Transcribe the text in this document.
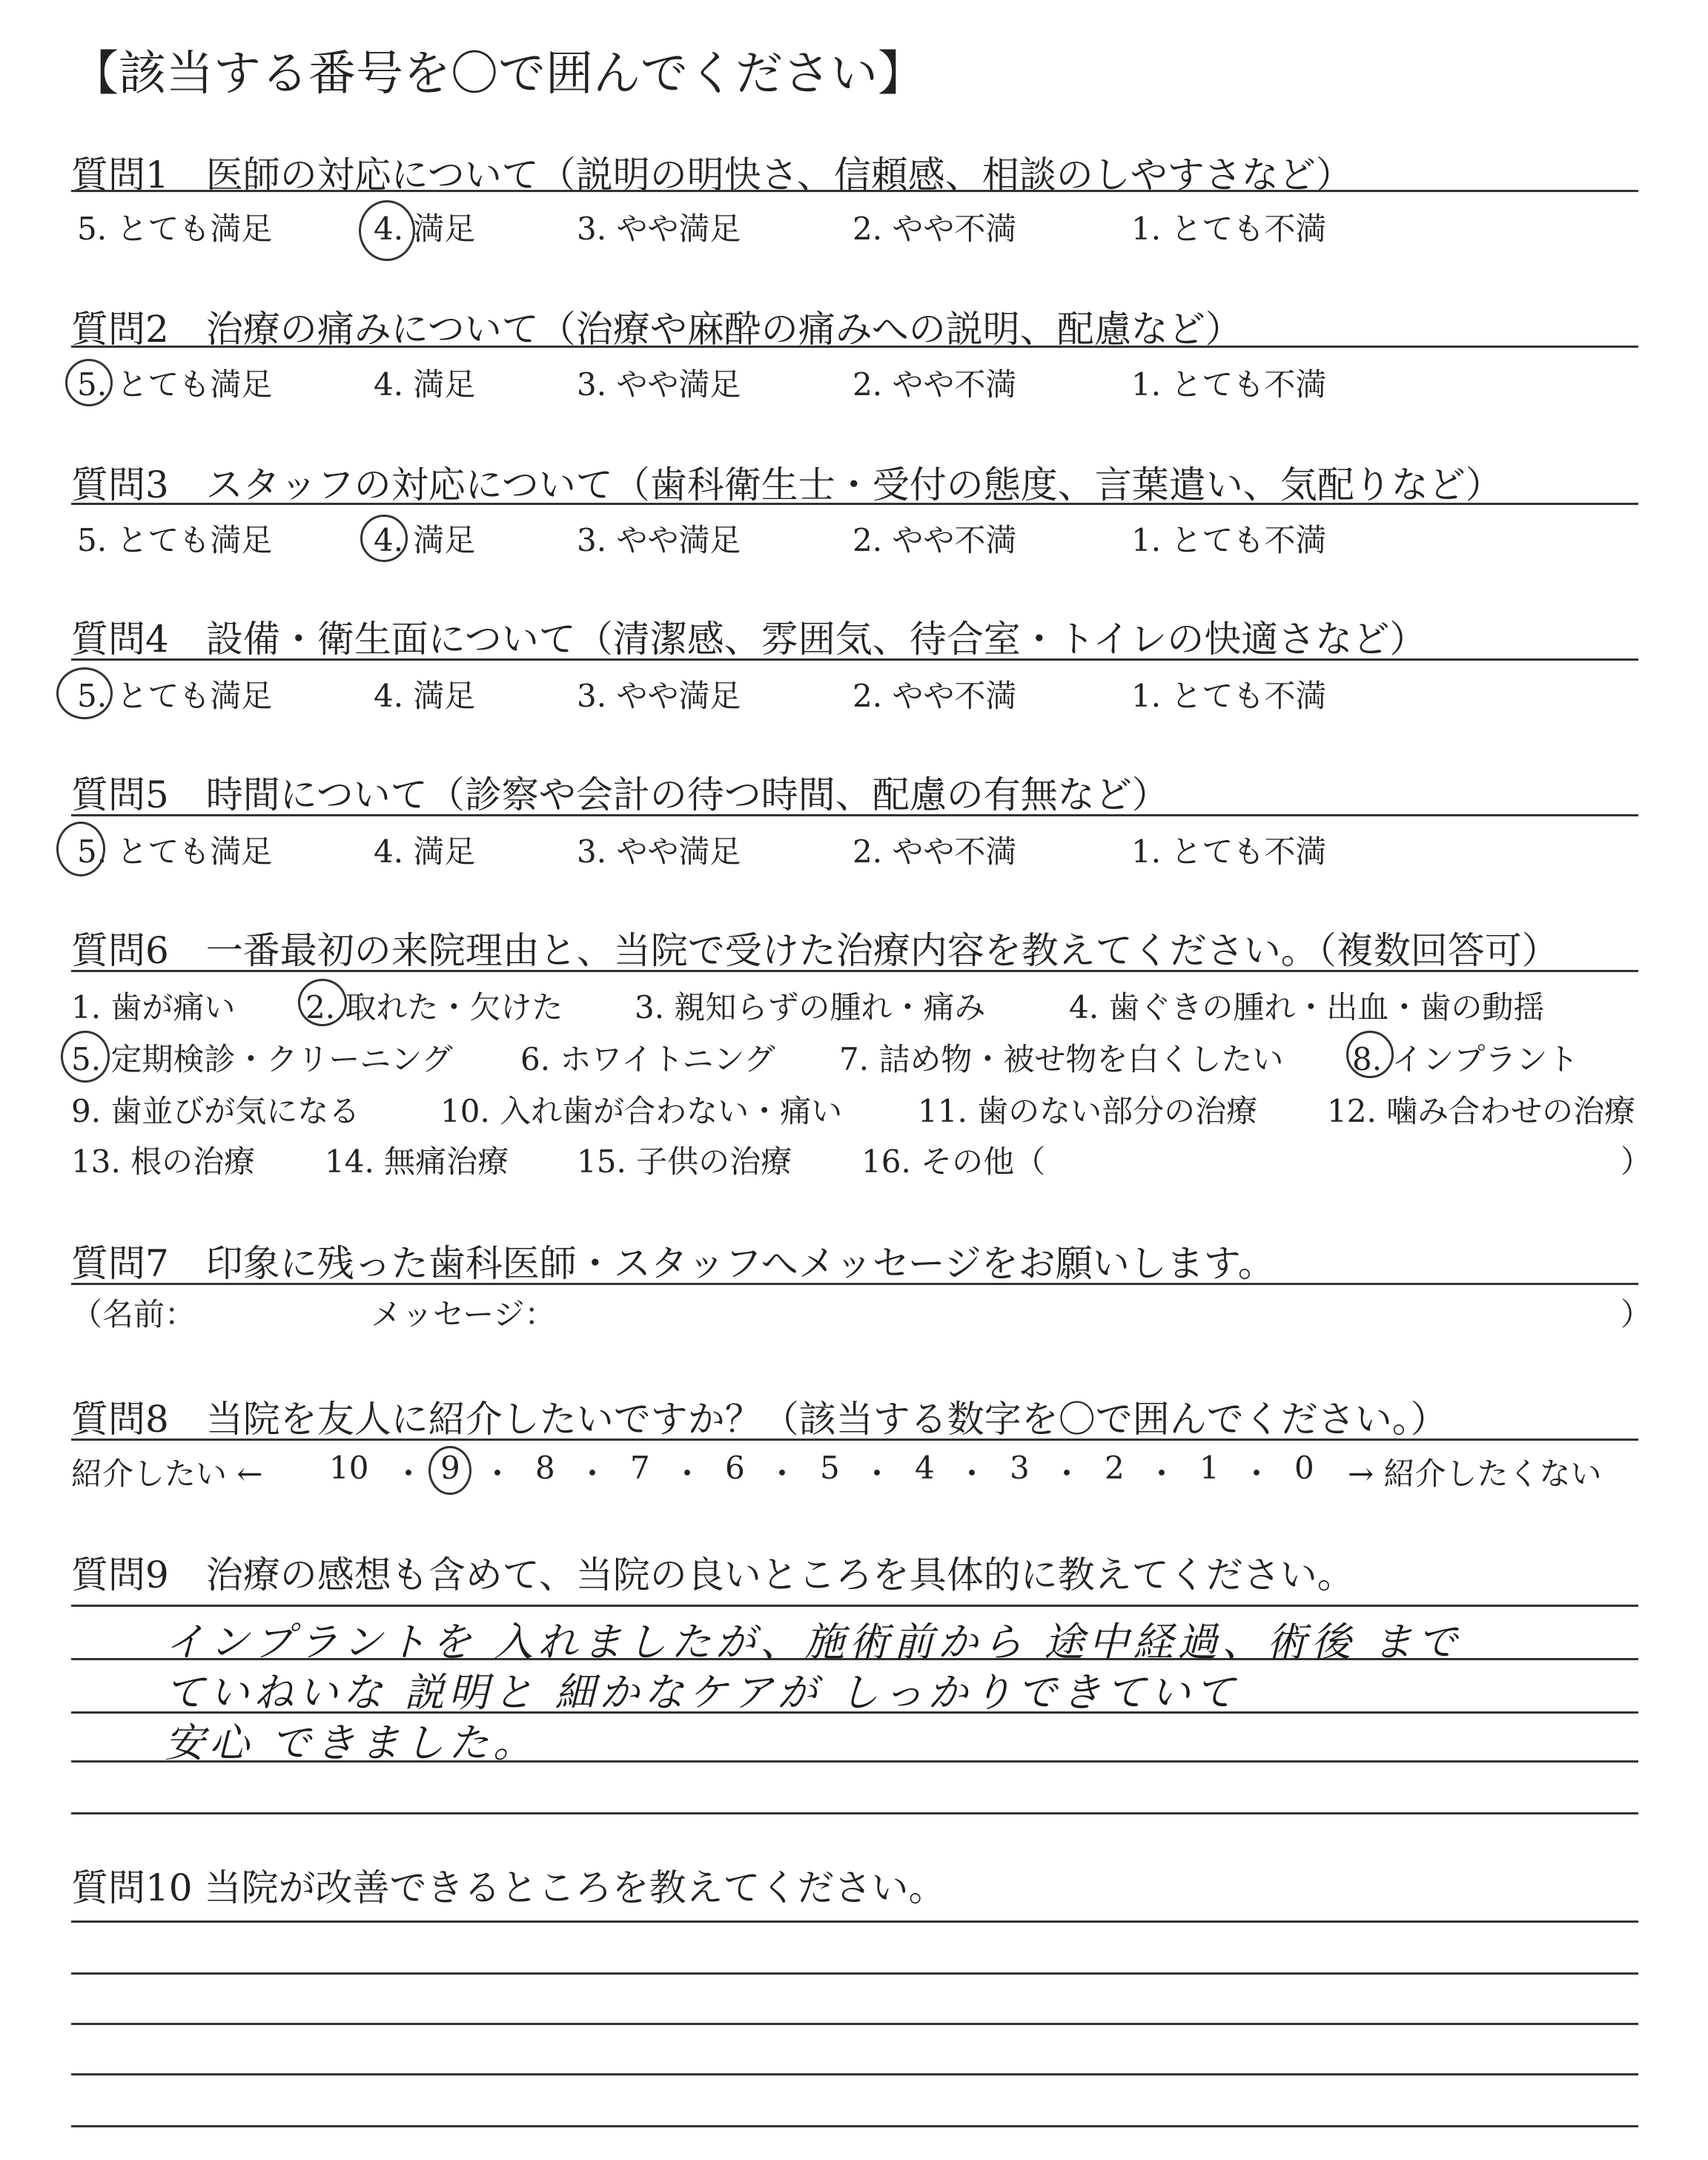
【該当する番号を〇で囲んでください】
質問1　医師の対応について（説明の明快さ、信頼感、相談のしやすさなど）
5. とても満足	4. 満足	3. やや満足	2. やや不満	1. とても不満
質問2　治療の痛みについて（治療や麻酔の痛みへの説明、配慮など）
5. とても満足	4. 満足	3. やや満足	2. やや不満	1. とても不満
質問3　スタッフの対応について（歯科衛生士・受付の態度、言葉遣い、気配りなど）
5. とても満足	4. 満足	3. やや満足	2. やや不満	1. とても不満
質問4　設備・衛生面について（清潔感、雰囲気、待合室・トイレの快適さなど）
5. とても満足	4. 満足	3. やや満足	2. やや不満	1. とても不満
質問5　時間について（診察や会計の待つ時間、配慮の有無など）
5. とても満足	4. 満足	3. やや満足	2. やや不満	1. とても不満
質問6　一番最初の来院理由と、当院で受けた治療内容を教えてください。（複数回答可）
1. 歯が痛い 2. 取れた・欠けた 3. 親知らずの腫れ・痛み	4. 歯ぐきの腫れ・出血・歯の動揺
5. 定期検診・クリーニング 6. ホワイトニング 7. 詰め物・被せ物を白くしたい 8. インプラント
9. 歯並びが気になる	10. 入れ歯が合わない・痛い 11. 歯のない部分の治療 12. 噛み合わせの治療
13. 根の治療 14. 無痛治療 15. 子供の治療 16. その他（	）
質問7　印象に残った歯科医師・スタッフへメッセージをお願いします。
（名前：	メッセージ：	）
質問8　当院を友人に紹介したいですか？（該当する数字を〇で囲んでください。）
紹介したい ← 10 ・ 9 ・ 8 ・ 7 ・ 6 ・ 5 ・ 4 ・ 3 ・ 2 ・ 1 ・ 0 → 紹介したくない
質問9　治療の感想も含めて、当院の良いところを具体的に教えてください。
インプラントを 入れましたが、施術前から 途中経過、術後 まで
ていねいな 説明と 細かなケアが しっかりできていて
安心 できました。
質問10 当院が改善できるところを教えてください。
